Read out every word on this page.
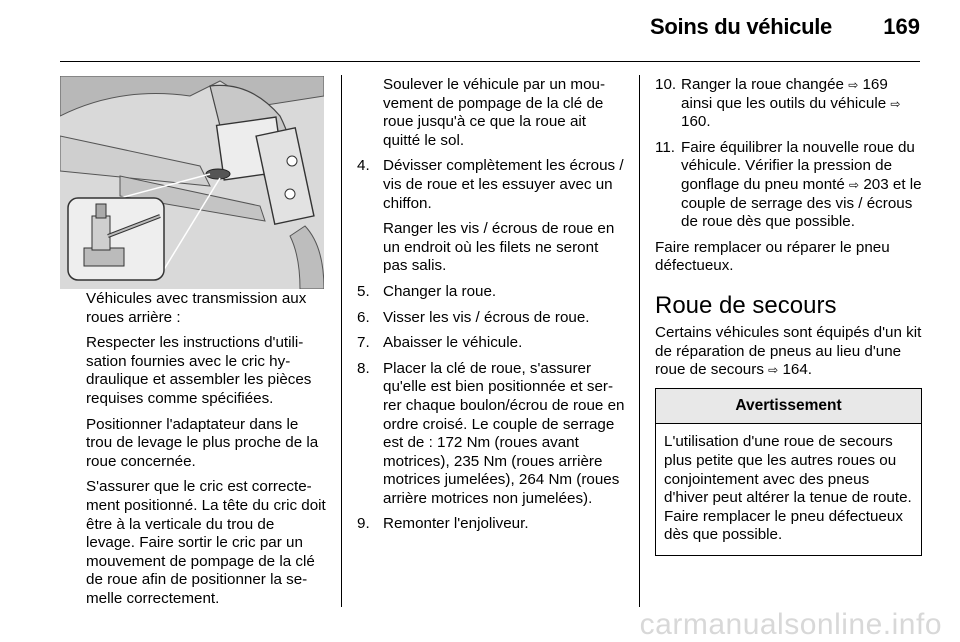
Soins du véhicule 169

Véhicules avec transmission aux roues arrière :

Respecter les instructions d'utilisation fournies avec le cric hydraulique et assembler les pièces requises comme spécifiées.

Positionner l'adaptateur dans le trou de levage le plus proche de la roue concernée.

S'assurer que le cric est correctement positionné. La tête du cric doit être à la verticale du trou de levage. Faire sortir le cric par un mouvement de pompage de la clé de roue afin de positionner la semelle correctement.

Soulever le véhicule par un mouvement de pompage de la clé de roue jusqu'à ce que la roue ait quitté le sol.

4. Dévisser complètement les écrous / vis de roue et les essuyer avec un chiffon.

Ranger les vis / écrous de roue en un endroit où les filets ne seront pas salis.

5. Changer la roue.

6. Visser les vis / écrous de roue.

7. Abaisser le véhicule.

8. Placer la clé de roue, s'assurer qu'elle est bien positionnée et serrer chaque boulon/écrou de roue en ordre croisé. Le couple de serrage est de : 172 Nm (roues avant motrices), 235 Nm (roues arrière motrices jumelées), 264 Nm (roues arrière motrices non jumelées).

9. Remonter l'enjoliveur.

10. Ranger la roue changée ⇨ 169 ainsi que les outils du véhicule ⇨ 160.

11. Faire équilibrer la nouvelle roue du véhicule. Vérifier la pression de gonflage du pneu monté ⇨ 203 et le couple de serrage des vis / écrous de roue dès que possible.

Faire remplacer ou réparer le pneu défectueux.

Roue de secours

Certains véhicules sont équipés d'un kit de réparation de pneus au lieu d'une roue de secours ⇨ 164.

Avertissement
L'utilisation d'une roue de secours plus petite que les autres roues ou conjointement avec des pneus d'hiver peut altérer la tenue de route. Faire remplacer le pneu défectueux dès que possible.
carmanualsonline.info
